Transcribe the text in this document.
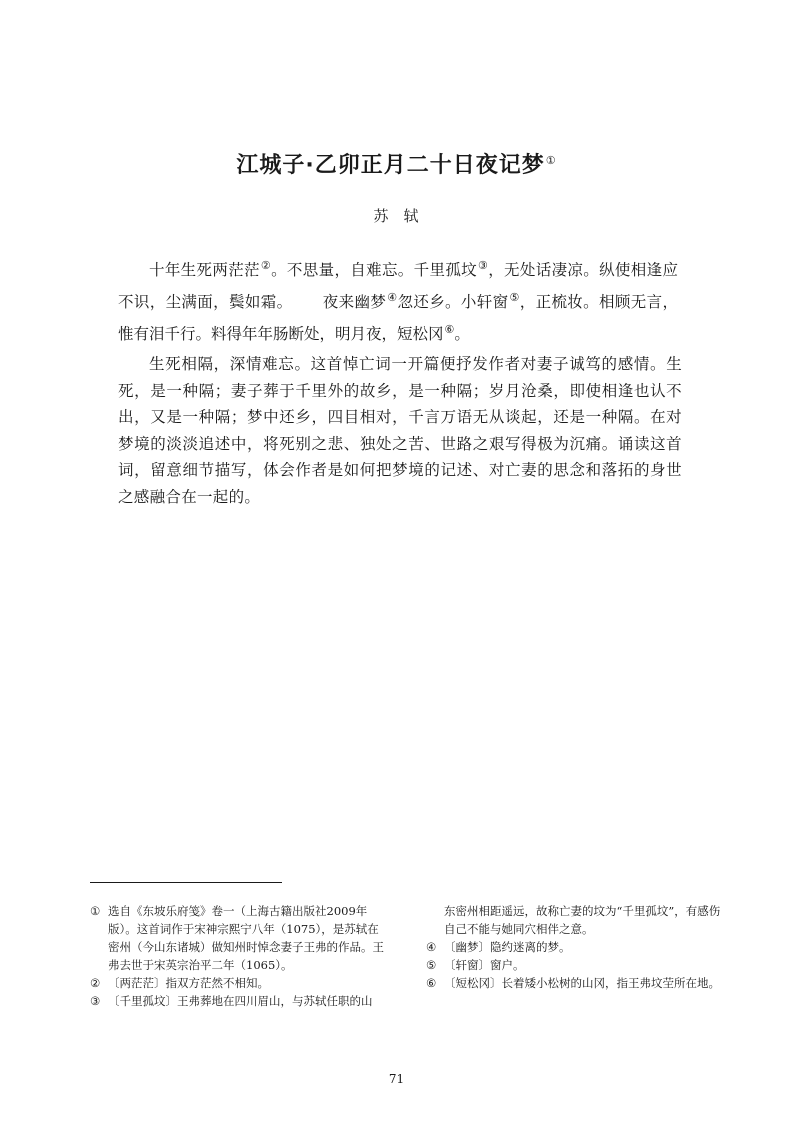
江城子·乙卯正月二十日夜记梦①
苏 轼

十年生死两茫茫②。不思量，自难忘。千里孤坟③，无处话凄凉。纵使相逢应不识，尘满面，鬓如霜。 夜来幽梦④忽还乡。小轩窗⑤，正梳妆。相顾无言，惟有泪千行。料得年年肠断处，明月夜，短松冈⑥。

生死相隔，深情难忘。这首悼亡词一开篇便抒发作者对妻子诚笃的感情。生死，是一种隔；妻子葬于千里外的故乡，是一种隔；岁月沧桑，即使相逢也认不出，又是一种隔；梦中还乡，四目相对，千言万语无从谈起，还是一种隔。在对梦境的淡淡追述中，将死别之悲、独处之苦、世路之艰写得极为沉痛。诵读这首词，留意细节描写，体会作者是如何把梦境的记述、对亡妻的思念和落拓的身世之感融合在一起的。

① 选自《东坡乐府笺》卷一（上海古籍出版社2009年版）。这首词作于宋神宗熙宁八年（1075），是苏轼在密州（今山东诸城）做知州时悼念妻子王弗的作品。王弗去世于宋英宗治平二年（1065）。

② 〔两茫茫〕指双方茫然不相知。

③ 〔千里孤坟〕王弗葬地在四川眉山，与苏轼任职的山

东密州相距遥远，故称亡妻的坟为“千里孤坟”，有感伤自己不能与她同穴相伴之意。

④ 〔幽梦〕隐约迷离的梦。

⑤ 〔轩窗〕窗户。

⑥ 〔短松冈〕长着矮小松树的山冈，指王弗坟茔所在地。

71
